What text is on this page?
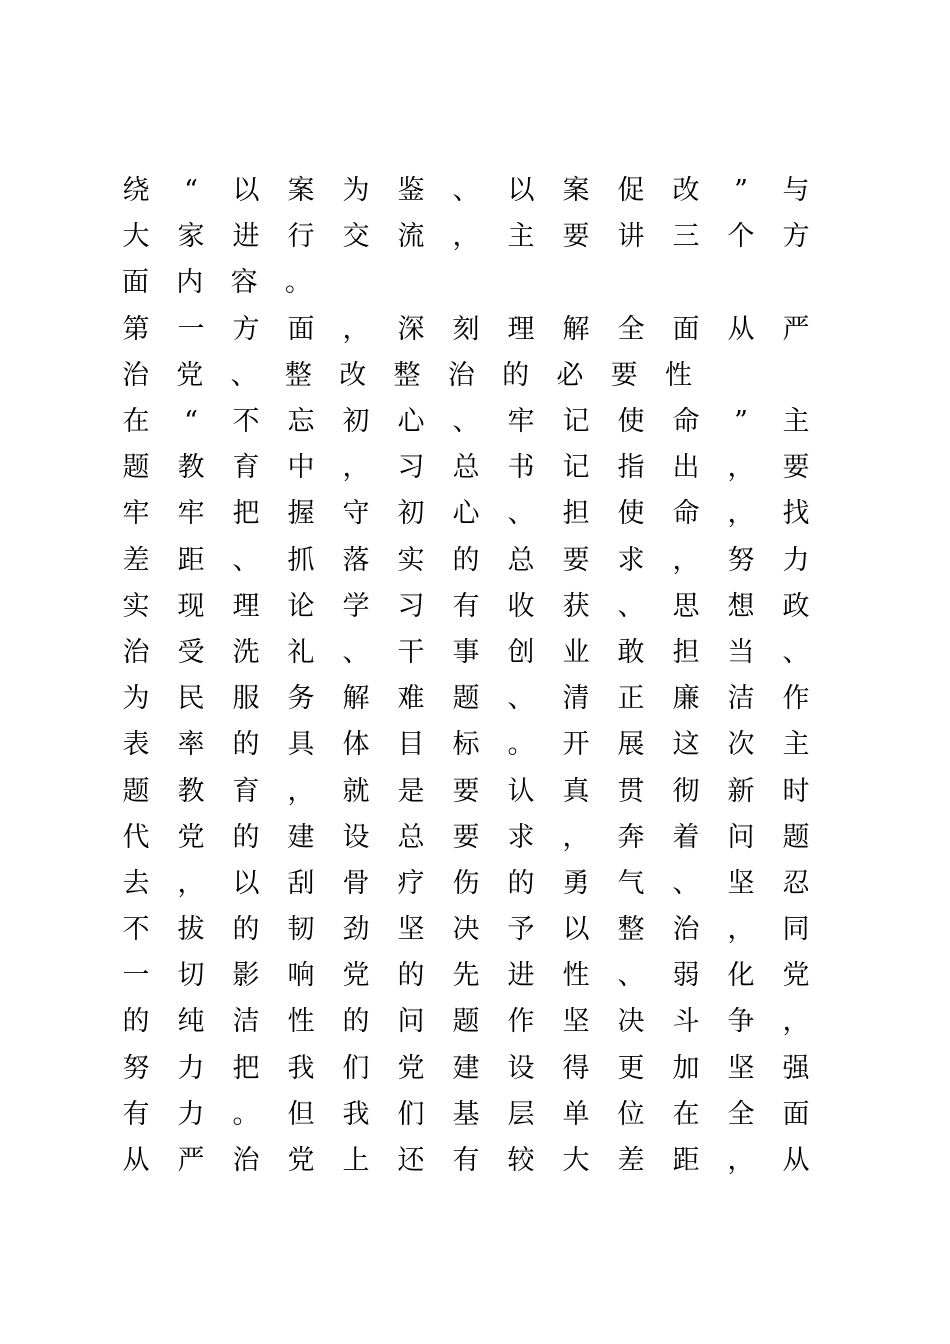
绕 “ 以 案 为 鉴 、 以 案 促 改 ” 与
大 家 进 行 交 流 ， 主 要 讲 三 个 方
面	内	容	。
第 一 方 面 ， 深 刻 理 解 全 面 从 严
治	党	、	整	改	整	治	的	必	要	性
在 “ 不 忘 初 心 、 牢 记 使 命 ” 主
题 教 育 中 ， 习 总 书 记 指 出 ， 要
牢 牢 把 握 守 初 心 、 担 使 命 ， 找
差 距 、 抓 落 实 的 总 要 求 ， 努 力
实 现 理 论 学 习 有 收 获 、 思 想 政
治 受 洗 礼 、 干 事 创 业 敢 担 当 、
为 民 服 务 解 难 题 、 清 正 廉 洁 作
表 率 的 具 体 目 标 。 开 展 这 次 主
题 教 育 ， 就 是 要 认 真 贯 彻 新 时
代 党 的 建 设 总 要 求 ， 奔 着 问 题
去 ， 以 刮 骨 疗 伤 的 勇 气 、 坚 忍
不 拔 的 韧 劲 坚 决 予 以 整 治 ， 同
一 切 影 响 党 的 先 进 性 、 弱 化 党
的 纯 洁 性 的 问 题 作 坚 决 斗 争 ，
努 力 把 我 们 党 建 设 得 更 加 坚 强
有 力 。 但 我 们 基 层 单 位 在 全 面
从 严 治 党 上 还 有 较 大 差 距 ， 从
